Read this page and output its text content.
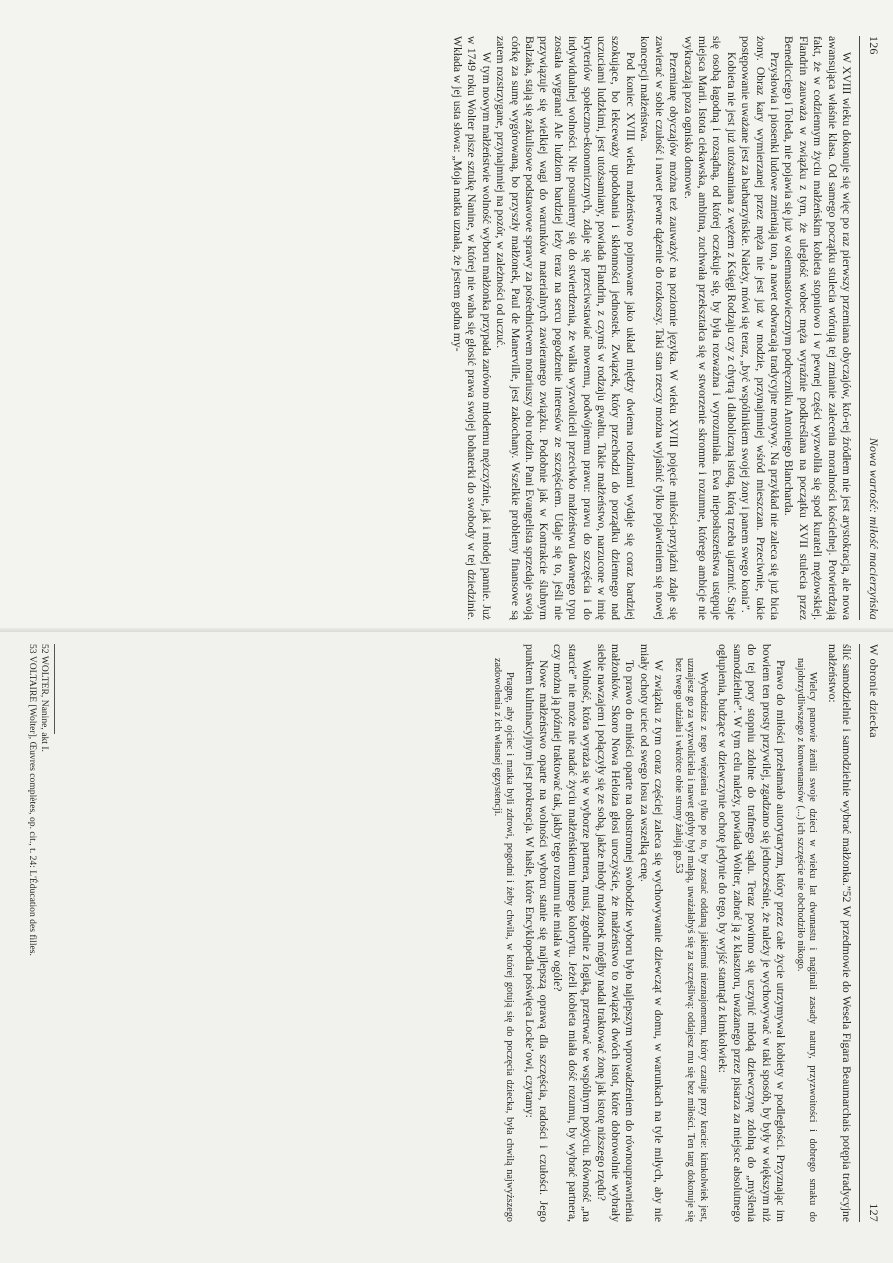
126
Nowa wartość: miłość macierzyńska

W XVIII wieku dokonuje się więc po raz pierwszy przemiana obyczajów, któ-rej źródłem nie jest arystokracja, ale nowa awansująca właśnie klasa. Od samego początku stulecia wtórują tej zmianie zalecenia moralności kościelnej. Potwierdzają fakt, że w codziennym życiu małżeńskim kobieta stopniowo i w pewnej części wyzwoliła się spod kurateli mężowskiej. Flandrin zauważa w związku z tym, że uległość wobec męża wyraźnie podkreślana na początku XVII stulecia przez Benedicciego i Toleda, nie pojawia się już w osiemnastowiecznym podręczniku Antoniego Blancharda.

Przysłowia i piosenki ludowe zmieniają ton, a nawet odwracają tradycyjne motywy. Na przykład nie zaleca się już bicia żony. Obraz kary wymierzanej przez męża nie jest już w modzie, przynajmniej wśród mieszczan. Przeciwnie, takie postępowanie uważane jest za barbarzyńskie. Należy, mówi się teraz, „być wspólnikiem swojej żony i panem swego konia”.

Kobieta nie jest już utożsamiana z wężem z Księgi Rodzaju czy z chytrą i diaboliczną istotą, którą trzeba ujarzmić. Staje się osobą łagodną i rozsądną, od której oczekuje się, by była rozważna i wyrozumiała. Ewa nieposłuszeństwa ustępuje miejsca Marii. Istota ciekawska, ambitna, zuchwała przekształca się w stworzenie skromne i rozumne, którego ambicje nie wykraczają poza ognisko domowe.

Przemianę obyczajów można też zauważyć na poziomie języka. W wieku XVIII pojęcie miłości-przyjaźni zdaje się zawierać w sobie czułość i nawet pewne dążenie do rozkoszy. Taki stan rzeczy można wyjaśnić tylko pojawieniem się nowej koncepcji małżeństwa.

Pod koniec XVIII wieku małżeństwo pojmowane jako układ między dwiema rodzinami wydaje się coraz bardziej szokujące, bo lekceważy upodobania i skłonności jednostek. Związek, który przechodzi do porządku dziennego nad uczuciami ludzkimi, jest utożsamiany, powiada Flandrin, z czymś w rodzaju gwałtu. Takie małżeństwo, narzucone w imię kryteriów społeczno-ekonomicznych, zdaje się przeciwstawiać nowemu, podwójnemu prawu: prawu do szczęścia i do indywidualnej wolności. Nie posuniemy się do stwierdzenia, że walka wyzwolicieli przeciwko małżeństwu dawnego typu została wygrana! Ale ludziom bardziej leży teraz na sercu pogodzenie interesów ze szczęściem. Udaje się to, jeśli nie przywiązuje się wielkiej wagi do warunków materialnych zawieranego związku. Podobnie jak w Kontrakcie ślubnym Balzaka, stają się zakulisowe podstawowe sprawy za pośrednictwem notariuszy obu rodzin. Pani Evangelista sprzedaje swoją córkę za sumę wygórowaną, bo przyszły małżonek, Paul de Manerville, jest zakochany. Wszelkie problemy finansowe są zatem rozstrzygane, przynajmniej na pozór, w zależności od uczuć.

W tym nowym małżeństwie wolność wyboru małżonka przypada zarówno młodemu mężczyźnie, jak i młodej pannie. Już w 1749 roku Wolter pisze sztukę Nanine, w której nie waha się głosić prawa swojej bohaterki do swobody w tej dziedzinie. Wkłada w jej usta słowa: „Moja matka uznała, że jestem godna my-

W obronie dziecka
127

ślić samodzielnie i samodzielnie wybrać małżonka.”52 W przedmowie do Wesela Figara Beaumarchais potępia tradycyjne małżeństwo:

Wielcy panowie żenili swoje dzieci w wieku lat dwunastu i naginali zasady natury, przyzwoitości i dobrego smaku do najobrzydliwszego z konwenansów (...) ich szczęście nie obchodziło nikogo.

Prawo do miłości przełamało autorytaryzm, który przez całe życie utrzymywał kobiety w podległości. Przyznając im bowiem ten prosty przywilej, zgadzano się jednocześnie, że należy je wychowywać w taki sposób, by były w większym niż do tej pory stopniu zdolne do trafnego sądu. Teraz powinno się uczynić młodą dziewczynę zdolną do „myślenia samodzielnie”. W tym celu należy, powiada Wolter, zabrać ją z klasztoru, uważanego przez pisarza za miejsce absolutnego ogłupienia, budzące w dziewczynie ochotę jedynie do tego, by wyjść stamtąd z kimkolwiek:

Wychodzisz z tego więzienia tylko po to, by zostać oddaną jakiemuś nieznajomemu, który czatuje przy kracie: kimkolwiek jest, uznajesz go za wyzwoliciela i nawet gdyby był małpą, uważałabyś się za szczęśliwą: oddajesz mu się bez miłości. Ten targ dokonuje się bez twego udziału i wkrótce obie strony żałują go.53

W związku z tym coraz częściej zaleca się wychowywanie dziewcząt w domu, w warunkach na tyle miłych, aby nie miały ochoty uciec od swego losu za wszelką cenę.

To prawo do miłości oparte na obustronnej swobodzie wyboru było najlepszym wprowadzeniem do równouprawnienia małżonków. Skoro Nowa Heloiza głosi uroczyście, że małżeństwo to związek dwóch istot, które dobrowolnie wybrały siebie nawzajem i połączyły się ze sobą, jakże młody małżonek mógłby nadal traktować żonę jak istotę niższego rzędu?

Wolność, która wyraża się w wyborze partnera, musi, zgodnie z logiką, przetrwać we wspólnym pożyciu. Równość „na starcie” nie może nie nadać życiu małżeńskiemu innego kolorytu. Jeżeli kobieta miała dość rozumu, by wybrać partnera, czy można ją później traktować tak, jakby tego rozumu nie miała w ogóle?

Nowe małżeństwo oparte na wolności wyboru stanie się najlepszą oprawą dla szczęścia, radości i czułości. Jego punktem kulminacyjnym jest prokreacja. W haśle, które Encyklopedia poświęca Locke’owi, czytamy:

Pragnę, aby ojciec i matka byli zdrowi, pogodni i żeby chwila, w której gotują się do poczęcia dziecka, była chwilą najwyższego zadowolenia z ich własnej egzystencji.

52 WOLTER, Nanine, akt I.
53 VOLTAIRE [Wolter], Œuvres complètes, op. cit., t. 24: L'Éducation des filles.
